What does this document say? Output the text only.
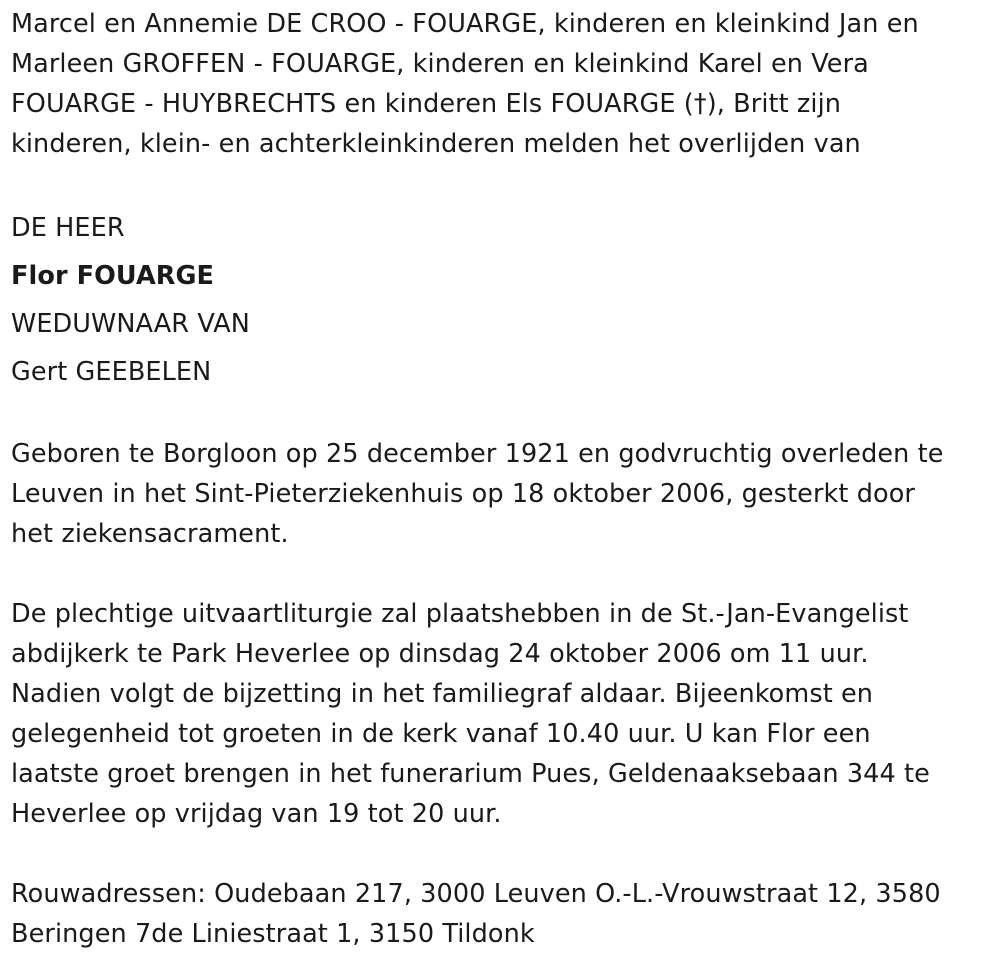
Marcel en Annemie DE CROO - FOUARGE, kinderen en kleinkind Jan en
Marleen GROFFEN - FOUARGE, kinderen en kleinkind Karel en Vera
FOUARGE - HUYBRECHTS en kinderen Els FOUARGE (†), Britt zijn
kinderen, klein- en achterkleinkinderen melden het overlijden van

DE HEER
Flor FOUARGE
WEDUWNAAR VAN
Gert GEEBELEN

Geboren te Borgloon op 25 december 1921 en godvruchtig overleden te
Leuven in het Sint-Pieterziekenhuis op 18 oktober 2006, gesterkt door
het ziekensacrament.

De plechtige uitvaartliturgie zal plaatshebben in de St.-Jan-Evangelist
abdijkerk te Park Heverlee op dinsdag 24 oktober 2006 om 11 uur.
Nadien volgt de bijzetting in het familiegraf aldaar. Bijeenkomst en
gelegenheid tot groeten in de kerk vanaf 10.40 uur. U kan Flor een
laatste groet brengen in het funerarium Pues, Geldenaaksebaan 344 te
Heverlee op vrijdag van 19 tot 20 uur.

Rouwadressen: Oudebaan 217, 3000 Leuven O.-L.-Vrouwstraat 12, 3580
Beringen 7de Liniestraat 1, 3150 Tildonk
